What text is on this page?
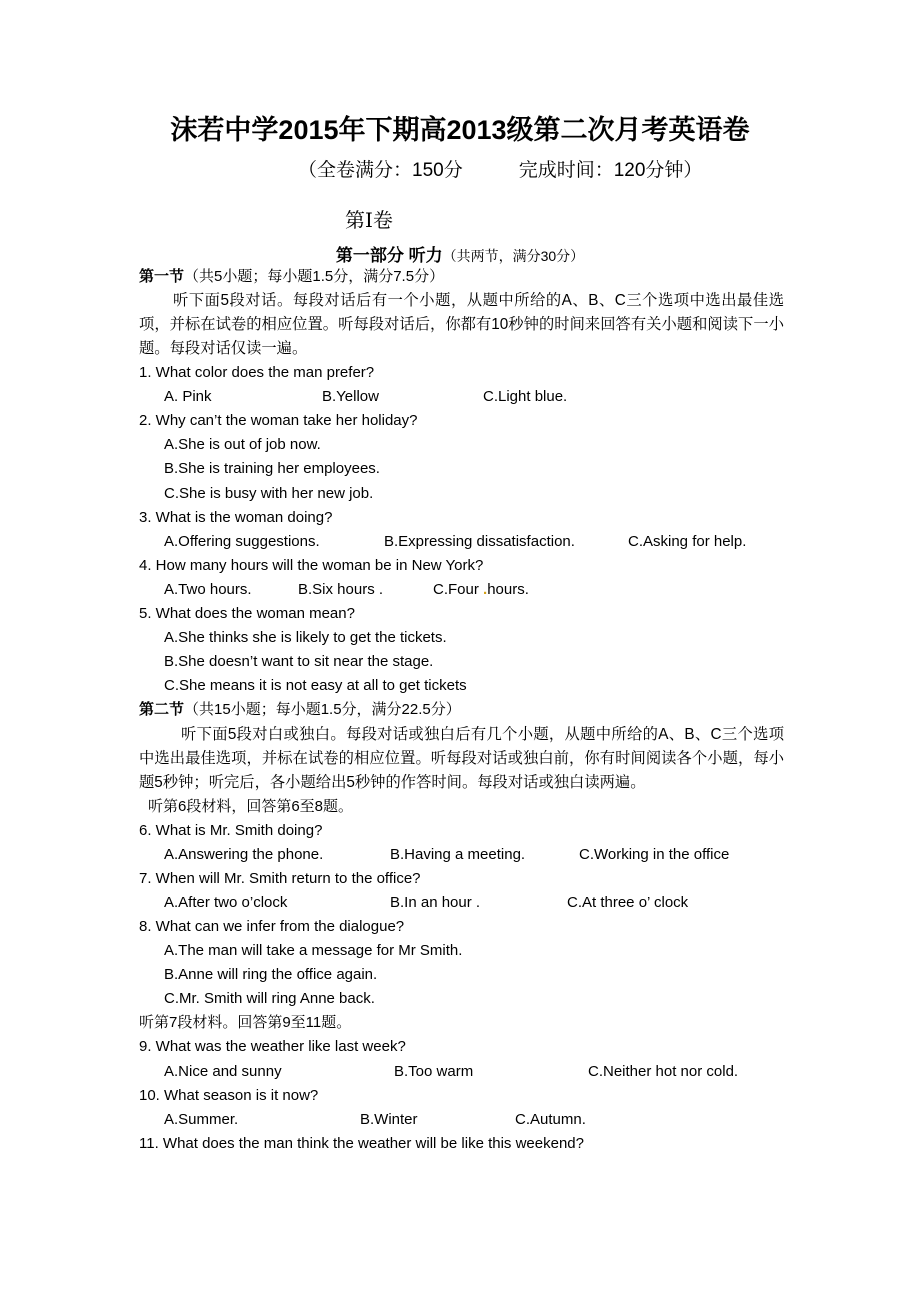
沫若中学2015年下期高2013级第二次月考英语卷
（全卷满分：150分	完成时间：120分钟）
第I卷
第一部分 听力（共两节，满分30分）
第一节（共5小题；每小题1.5分，满分7.5分）
听下面5段对话。每段对话后有一个小题，从题中所给的A、B、C三个选项中选出最佳选项，并标在试卷的相应位置。听每段对话后，你都有10秒钟的时间来回答有关小题和阅读下一小题。每段对话仅读一遍。
1. What color does the man prefer?
A. Pink	B.Yellow	C.Light blue.
2. Why can’t the woman take her holiday?
A.She is out of job now.
B.She is training her employees.
C.She is busy with her new job.
3. What is the woman doing?
A.Offering suggestions.	B.Expressing dissatisfaction.	C.Asking for help.
4. How many hours will the woman be in New York?
A.Two hours.	B.Six hours .	C.Four .hours.
5. What does the woman mean?
A.She thinks she is likely to get the tickets.
B.She doesn’t want to sit near the stage.
C.She means it is not easy at all to get tickets
第二节（共15小题；每小题1.5分，满分22.5分）
听下面5段对白或独白。每段对话或独白后有几个小题，从题中所给的A、B、C三个选项中选出最佳选项，并标在试卷的相应位置。听每段对话或独白前，你有时间阅读各个小题，每小题5秒钟；听完后，各小题给出5秒钟的作答时间。每段对话或独白读两遍。
听第6段材料，回答第6至8题。
6. What is Mr. Smith doing?
A.Answering the phone.	B.Having a meeting.	C.Working in the office
7. When will Mr. Smith return to the office?
A.After two o’clock	B.In an hour .	C.At three o’ clock
8. What can we infer from the dialogue?
A.The man will take a message for Mr Smith.
B.Anne will ring the office again.
C.Mr. Smith will ring Anne back.
听第7段材料。回答第9至11题。
9. What was the weather like last week?
A.Nice and sunny	B.Too warm	C.Neither hot nor cold.
10. What season is it now?
A.Summer.	B.Winter	C.Autumn.
11. What does the man think the weather will be like this weekend?
